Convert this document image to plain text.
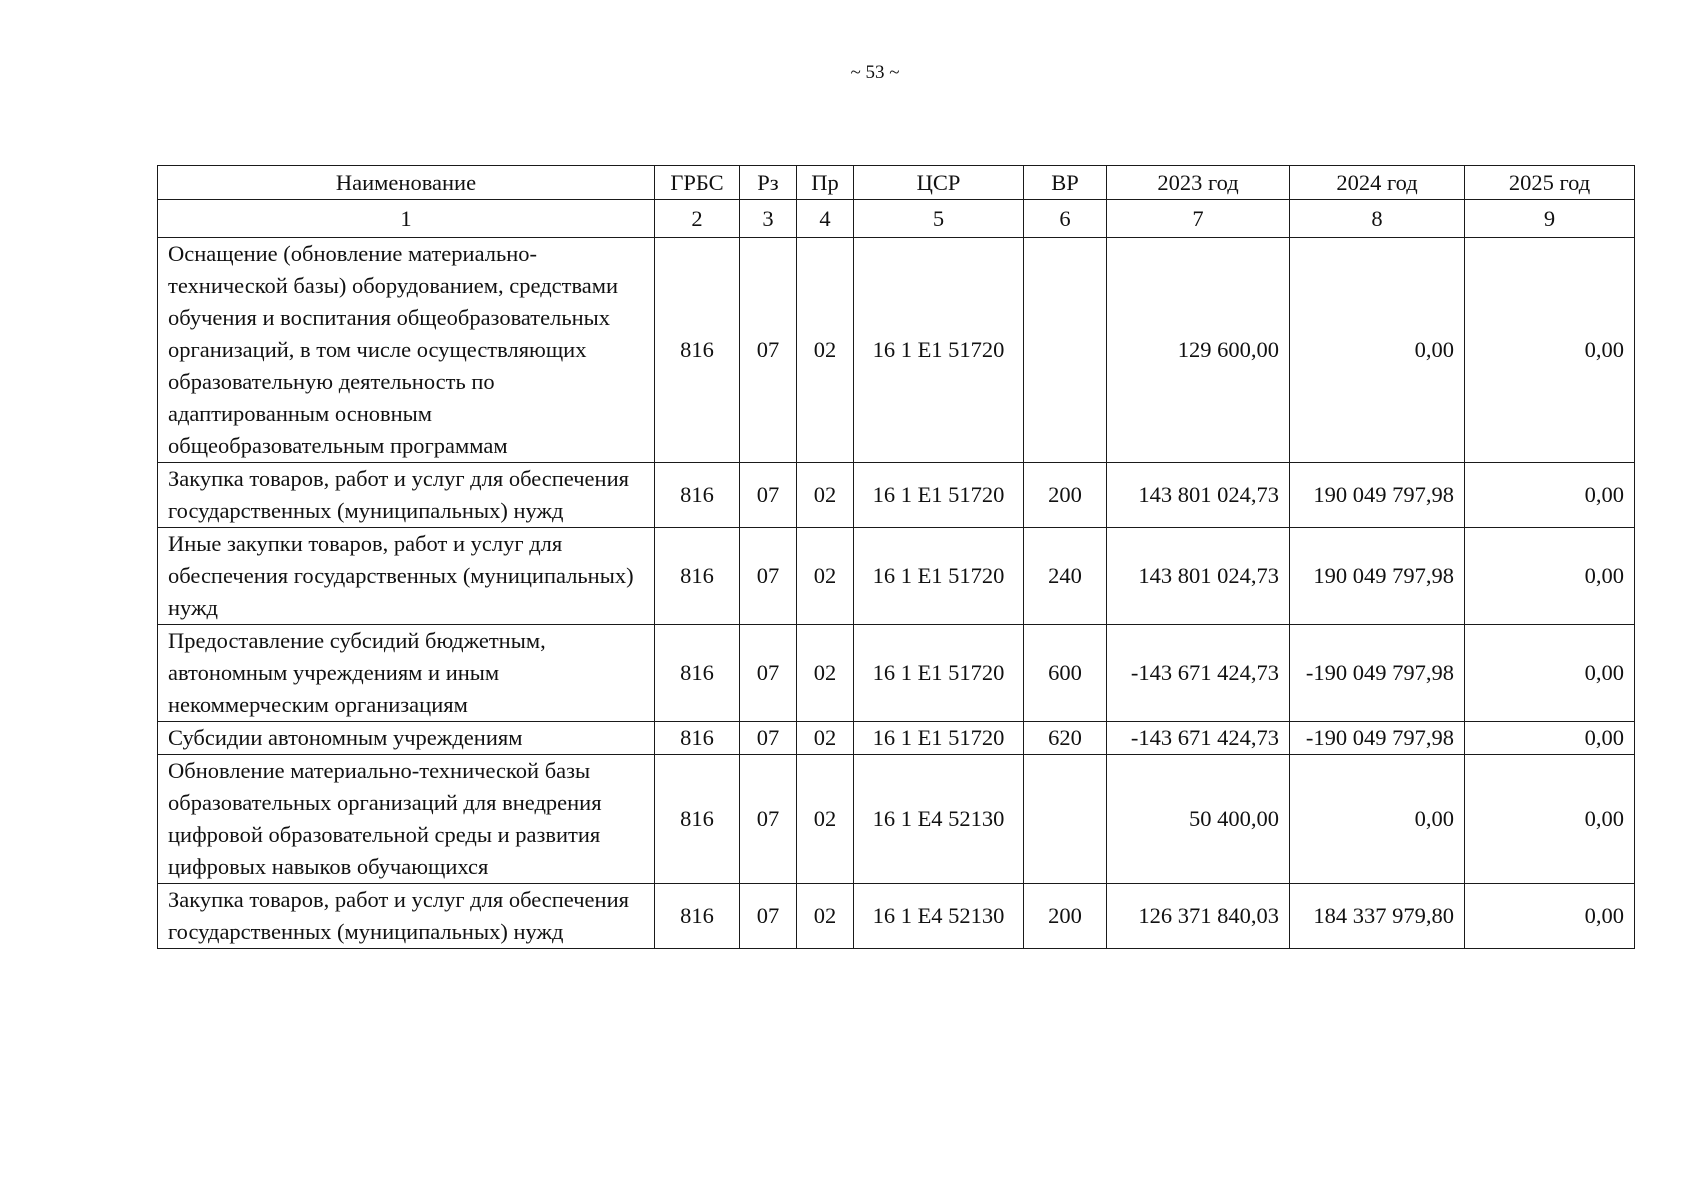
~ 53 ~
Наименование	ГРБС	Рз	Пр	ЦСР	ВР	2023 год	2024 год	2025 год
1	2	3	4	5	6	7	8	9
Оснащение (обновление материально-технической базы) оборудованием, средствами обучения и воспитания общеобразовательных организаций, в том числе осуществляющих образовательную деятельность по адаптированным основным общеобразовательным программам	816	07	02	16 1 E1 51720		129 600,00	0,00	0,00
Закупка товаров, работ и услуг для обеспечения государственных (муниципальных) нужд	816	07	02	16 1 E1 51720	200	143 801 024,73	190 049 797,98	0,00
Иные закупки товаров, работ и услуг для обеспечения государственных (муниципальных) нужд	816	07	02	16 1 E1 51720	240	143 801 024,73	190 049 797,98	0,00
Предоставление субсидий бюджетным, автономным учреждениям и иным некоммерческим организациям	816	07	02	16 1 E1 51720	600	-143 671 424,73	-190 049 797,98	0,00
Субсидии автономным учреждениям	816	07	02	16 1 E1 51720	620	-143 671 424,73	-190 049 797,98	0,00
Обновление материально-технической базы образовательных организаций для внедрения цифровой образовательной среды и развития цифровых навыков обучающихся	816	07	02	16 1 E4 52130		50 400,00	0,00	0,00
Закупка товаров, работ и услуг для обеспечения государственных (муниципальных) нужд	816	07	02	16 1 E4 52130	200	126 371 840,03	184 337 979,80	0,00
